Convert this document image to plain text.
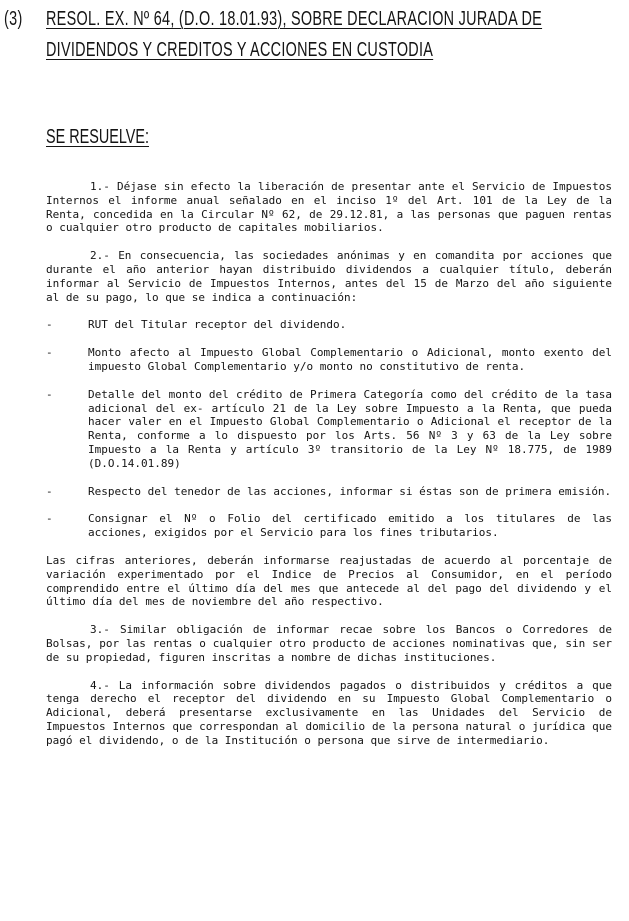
(3) RESOL. EX. Nº 64, (D.O. 18.01.93), SOBRE DECLARACION JURADA DE
DIVIDENDOS Y CREDITOS Y ACCIONES EN CUSTODIA
SE RESUELVE:

1.- Déjase sin efecto la liberación de presentar ante el Servicio de Impuestos Internos el informe anual señalado en el inciso 1º del Art. 101 de la Ley de la Renta, concedida en la Circular Nº 62, de 29.12.81, a las personas que paguen rentas o cualquier otro producto de capitales mobiliarios.

2.- En consecuencia, las sociedades anónimas y en comandita por acciones que durante el año anterior hayan distribuido dividendos a cualquier título, deberán informar al Servicio de Impuestos Internos, antes del 15 de Marzo del año siguiente al de su pago, lo que se indica a continuación:

-	RUT del Titular receptor del dividendo.
-	Monto afecto al Impuesto Global Complementario o Adicional, monto exento del impuesto Global Complementario y/o monto no constitutivo de renta.
-	Detalle del monto del crédito de Primera Categoría como del crédito de la tasa adicional del ex- artículo 21 de la Ley sobre Impuesto a la Renta, que pueda hacer valer en el Impuesto Global Complementario o Adicional el receptor de la Renta, conforme a lo dispuesto por los Arts. 56 Nº 3 y 63 de la Ley sobre Impuesto a la Renta y artículo 3º transitorio de la Ley Nº 18.775, de 1989 (D.O.14.01.89)
-	Respecto del tenedor de las acciones, informar si éstas son de primera emisión.
-	Consignar el Nº o Folio del certificado emitido a los titulares de las acciones, exigidos por el Servicio para los fines tributarios.

Las cifras anteriores, deberán informarse reajustadas de acuerdo al porcentaje de variación experimentado por el Indice de Precios al Consumidor, en el período comprendido entre el último día del mes que antecede al del pago del dividendo y el último día del mes de noviembre del año respectivo.

3.- Similar obligación de informar recae sobre los Bancos o Corredores de Bolsas, por las rentas o cualquier otro producto de acciones nominativas que, sin ser de su propiedad, figuren inscritas a nombre de dichas instituciones.

4.- La información sobre dividendos pagados o distribuidos y créditos a que tenga derecho el receptor del dividendo en su Impuesto Global Complementario o Adicional, deberá presentarse exclusivamente en las Unidades del Servicio de Impuestos Internos que correspondan al domicilio de la persona natural o jurídica que pagó el dividendo, o de la Institución o persona que sirve de intermediario.
